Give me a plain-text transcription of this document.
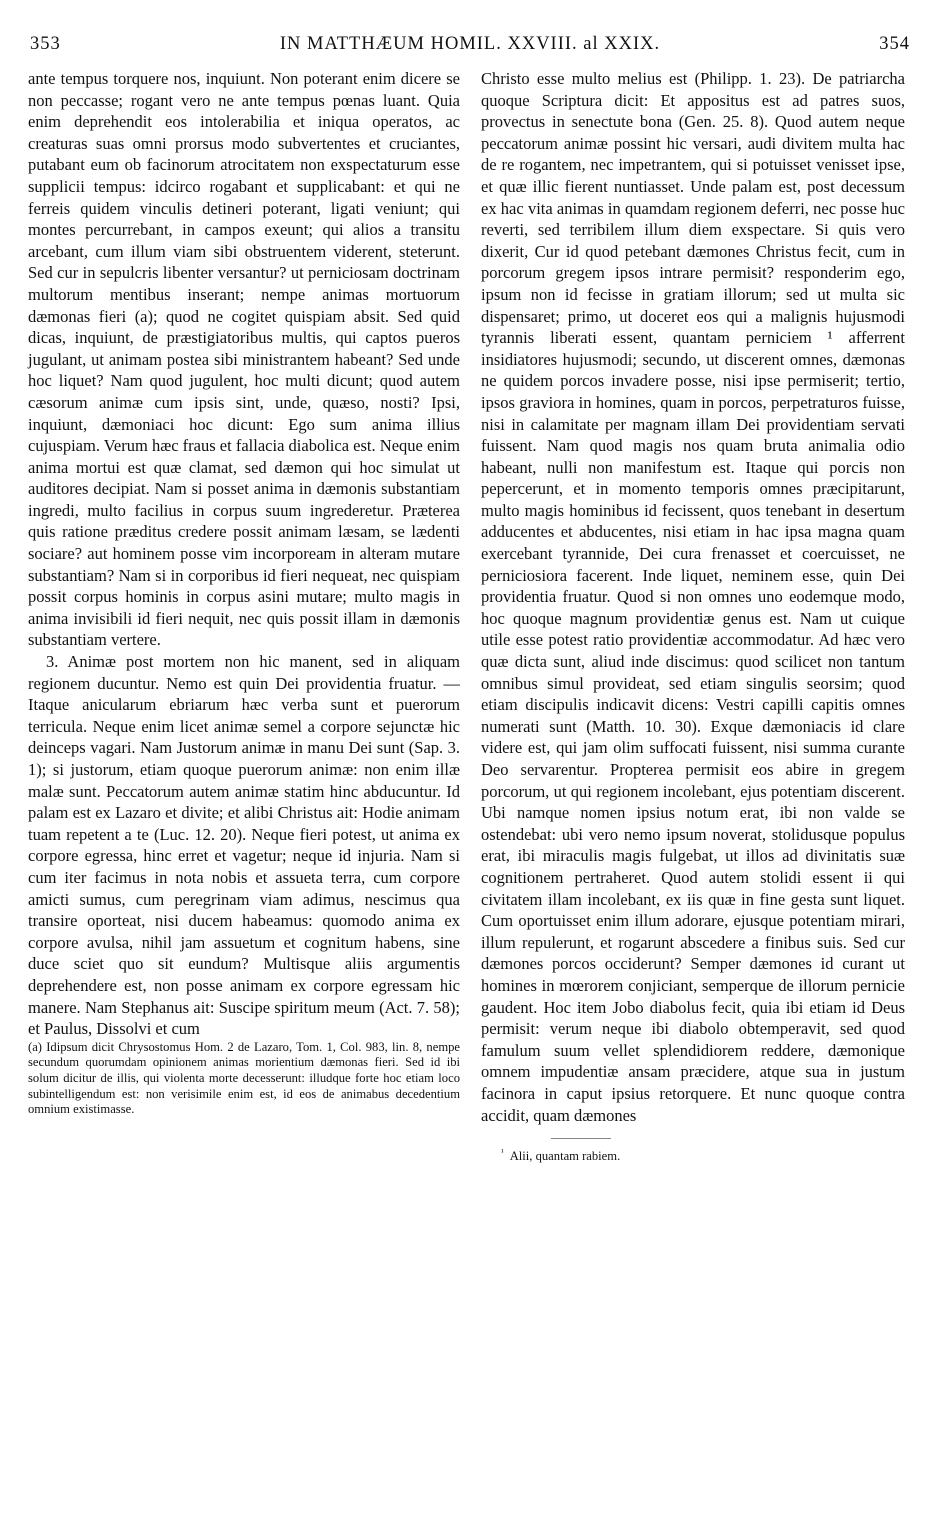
353	IN MATTHÆUM HOMIL. XXVIII. al XXIX.	354

ante tempus torquere nos, inquiunt. Non poterant enim dicere se non peccasse; rogant vero ne ante tempus pœnas luant. Quia enim deprehendit eos intolerabilia et iniqua operatos, ac creaturas suas omni prorsus modo subvertentes et cruciantes, putabant eum ob facinorum atrocitatem non exspectaturum esse supplicii tempus: idcirco rogabant et supplicabant: et qui ne ferreis quidem vinculis detineri poterant, ligati veniunt; qui montes percurrebant, in campos exeunt; qui alios a transitu arcebant, cum illum viam sibi obstruentem viderent, steterunt. Sed cur in sepulcris libenter versantur? ut perniciosam doctrinam multorum mentibus inserant; nempe animas mortuorum dæmonas fieri (a); quod ne cogitet quispiam absit. Sed quid dicas, inquiunt, de præstigiatoribus multis, qui captos pueros jugulant, ut animam postea sibi ministrantem habeant? Sed unde hoc liquet? Nam quod jugulent, hoc multi dicunt; quod autem cæsorum animæ cum ipsis sint, unde, quæso, nosti? Ipsi, inquiunt, dæmoniaci hoc dicunt: Ego sum anima illius cujuspiam. Verum hæc fraus et fallacia diabolica est. Neque enim anima mortui est quæ clamat, sed dæmon qui hoc simulat ut auditores decipiat. Nam si posset anima in dæmonis substantiam ingredi, multo facilius in corpus suum ingrederetur. Præterea quis ratione præditus credere possit animam læsam, se lædenti sociare? aut hominem posse vim incorpoream in alteram mutare substantiam? Nam si in corporibus id fieri nequeat, nec quispiam possit corpus hominis in corpus asini mutare; multo magis in anima invisibili id fieri nequit, nec quis possit illam in dæmonis substantiam vertere.

3. Animæ post mortem non hic manent, sed in aliquam regionem ducuntur. Nemo est quin Dei providentia fruatur. — Itaque anicularum ebriarum hæc verba sunt et puerorum terricula. Neque enim licet animæ semel a corpore sejunctæ hic deinceps vagari. Nam Justorum animæ in manu Dei sunt (Sap. 3. 1); si justorum, etiam quoque puerorum animæ: non enim illæ malæ sunt. Peccatorum autem animæ statim hinc abducuntur. Id palam est ex Lazaro et divite; et alibi Christus ait: Hodie animam tuam repetent a te (Luc. 12. 20). Neque fieri potest, ut anima ex corpore egressa, hinc erret et vagetur; neque id injuria. Nam si cum iter facimus in nota nobis et assueta terra, cum corpore amicti sumus, cum peregrinam viam adimus, nescimus qua transire oporteat, nisi ducem habeamus: quomodo anima ex corpore avulsa, nihil jam assuetum et cognitum habens, sine duce sciet quo sit eundum? Multisque aliis argumentis deprehendere est, non posse animam ex corpore egressam hic manere. Nam Stephanus ait: Suscipe spiritum meum (Act. 7. 58); et Paulus, Dissolvi et cum

(a) Idipsum dicit Chrysostomus Hom. 2 de Lazaro, Tom. 1, Col. 983, lin. 8, nempe secundum quorumdam opinionem animas morientium dæmonas fieri. Sed id ibi solum dicitur de illis, qui violenta morte decesserunt: illudque forte hoc etiam loco subintelligendum est: non verisimile enim est, id eos de animabus decedentium omnium existimasse.

Christo esse multo melius est (Philipp. 1. 23). De patriarcha quoque Scriptura dicit: Et appositus est ad patres suos, provectus in senectute bona (Gen. 25. 8). Quod autem neque peccatorum animæ possint hic versari, audi divitem multa hac de re rogantem, nec impetrantem, qui si potuisset venisset ipse, et quæ illic fierent nuntiasset. Unde palam est, post decessum ex hac vita animas in quamdam regionem deferri, nec posse huc reverti, sed terribilem illum diem exspectare. Si quis vero dixerit, Cur id quod petebant dæmones Christus fecit, cum in porcorum gregem ipsos intrare permisit? responderim ego, ipsum non id fecisse in gratiam illorum; sed ut multa sic dispensaret; primo, ut doceret eos qui a malignis hujusmodi tyrannis liberati essent, quantam perniciem ¹ afferrent insidiatores hujusmodi; secundo, ut discerent omnes, dæmonas ne quidem porcos invadere posse, nisi ipse permiserit; tertio, ipsos graviora in homines, quam in porcos, perpetraturos fuisse, nisi in calamitate per magnam illam Dei providentiam servati fuissent. Nam quod magis nos quam bruta animalia odio habeant, nulli non manifestum est. Itaque qui porcis non pepercerunt, et in momento temporis omnes præcipitarunt, multo magis hominibus id fecissent, quos tenebant in desertum adducentes et abducentes, nisi etiam in hac ipsa magna quam exercebant tyrannide, Dei cura frenasset et coercuisset, ne perniciosiora facerent. Inde liquet, neminem esse, quin Dei providentia fruatur. Quod si non omnes uno eodemque modo, hoc quoque magnum providentiæ genus est. Nam ut cuique utile esse potest ratio providentiæ accommodatur. Ad hæc vero quæ dicta sunt, aliud inde discimus: quod scilicet non tantum omnibus simul provideat, sed etiam singulis seorsim; quod etiam discipulis indicavit dicens: Vestri capilli capitis omnes numerati sunt (Matth. 10. 30). Exque dæmoniacis id clare videre est, qui jam olim suffocati fuissent, nisi summa curante Deo servarentur. Propterea permisit eos abire in gregem porcorum, ut qui regionem incolebant, ejus potentiam discerent. Ubi namque nomen ipsius notum erat, ibi non valde se ostendebat: ubi vero nemo ipsum noverat, stolidusque populus erat, ibi miraculis magis fulgebat, ut illos ad divinitatis suæ cognitionem pertraheret. Quod autem stolidi essent ii qui civitatem illam incolebant, ex iis quæ in fine gesta sunt liquet. Cum oportuisset enim illum adorare, ejusque potentiam mirari, illum repulerunt, et rogarunt abscedere a finibus suis. Sed cur dæmones porcos occiderunt? Semper dæmones id curant ut homines in mœrorem conjiciant, semperque de illorum pernicie gaudent. Hoc item Jobo diabolus fecit, quia ibi etiam id Deus permisit: verum neque ibi diabolo obtemperavit, sed quod famulum suum vellet splendidiorem reddere, dæmonique omnem impudentiæ ansam præcidere, atque sua in justum facinora in caput ipsius retorquere. Et nunc quoque contra accidit, quam dæmones

$^{^1}$ Alii, quantam rabiem.
